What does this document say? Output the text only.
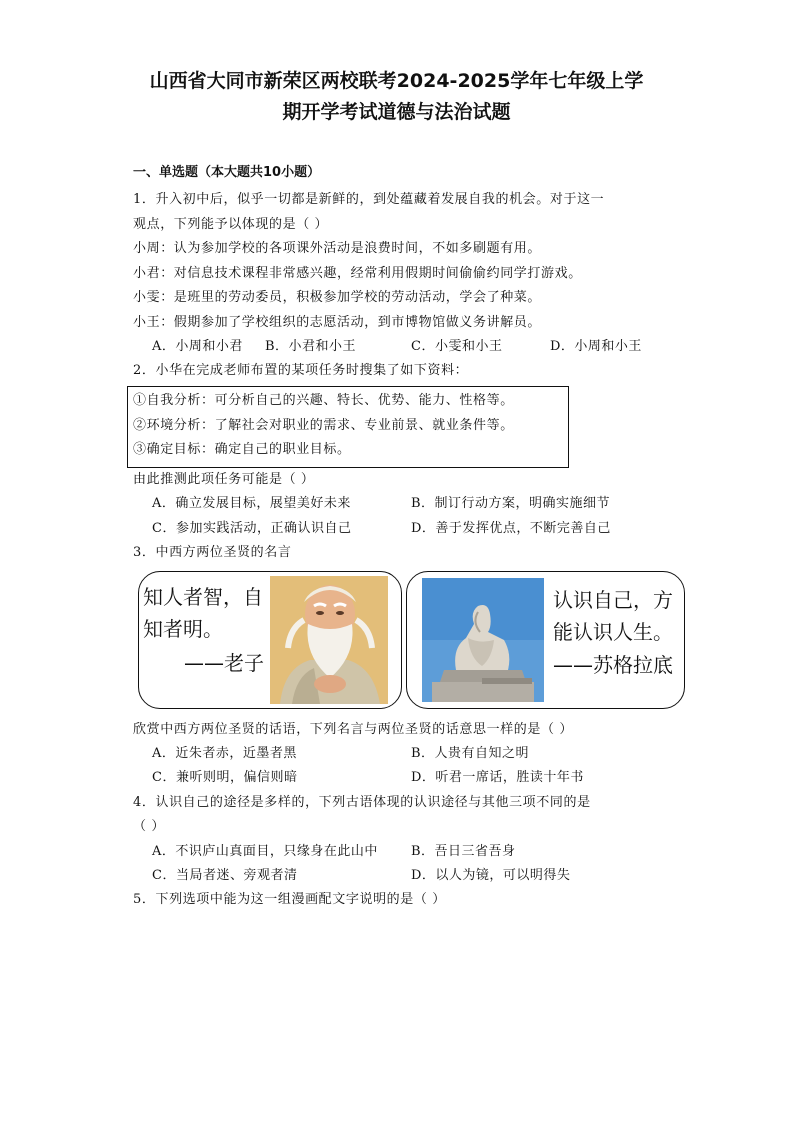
山西省大同市新荣区两校联考2024-2025学年七年级上学
期开学考试道德与法治试题
一、单选题（本大题共10小题）
1．升入初中后，似乎一切都是新鲜的，到处蕴藏着发展自我的机会。对于这一
观点，下列能予以体现的是（ ）
小周：认为参加学校的各项课外活动是浪费时间，不如多刷题有用。
小君：对信息技术课程非常感兴趣，经常利用假期时间偷偷约同学打游戏。
小雯：是班里的劳动委员，积极参加学校的劳动活动，学会了种菜。
小王：假期参加了学校组织的志愿活动，到市博物馆做义务讲解员。
A．小周和小君 B．小君和小王	C．小雯和小王	D．小周和小王
2．小华在完成老师布置的某项任务时搜集了如下资料：
①自我分析：可分析自己的兴趣、特长、优势、能力、性格等。
②环境分析：了解社会对职业的需求、专业前景、就业条件等。
③确定目标：确定自己的职业目标。
由此推测此项任务可能是（ ）
A．确立发展目标，展望美好未来	B．制订行动方案，明确实施细节
C．参加实践活动，正确认识自己	D．善于发挥优点，不断完善自己
3．中西方两位圣贤的名言
知人者智，自
知者明。
——老子
认识自己，方
能认识人生。
——苏格拉底
欣赏中西方两位圣贤的话语，下列名言与两位圣贤的话意思一样的是（ ）
A．近朱者赤，近墨者黑	B．人贵有自知之明
C．兼听则明，偏信则暗	D．听君一席话，胜读十年书
4．认识自己的途径是多样的，下列古语体现的认识途径与其他三项不同的是
（ ）
A．不识庐山真面目，只缘身在此山中	B．吾日三省吾身
C．当局者迷、旁观者清	D．以人为镜，可以明得失
5．下列选项中能为这一组漫画配文字说明的是（ ）
